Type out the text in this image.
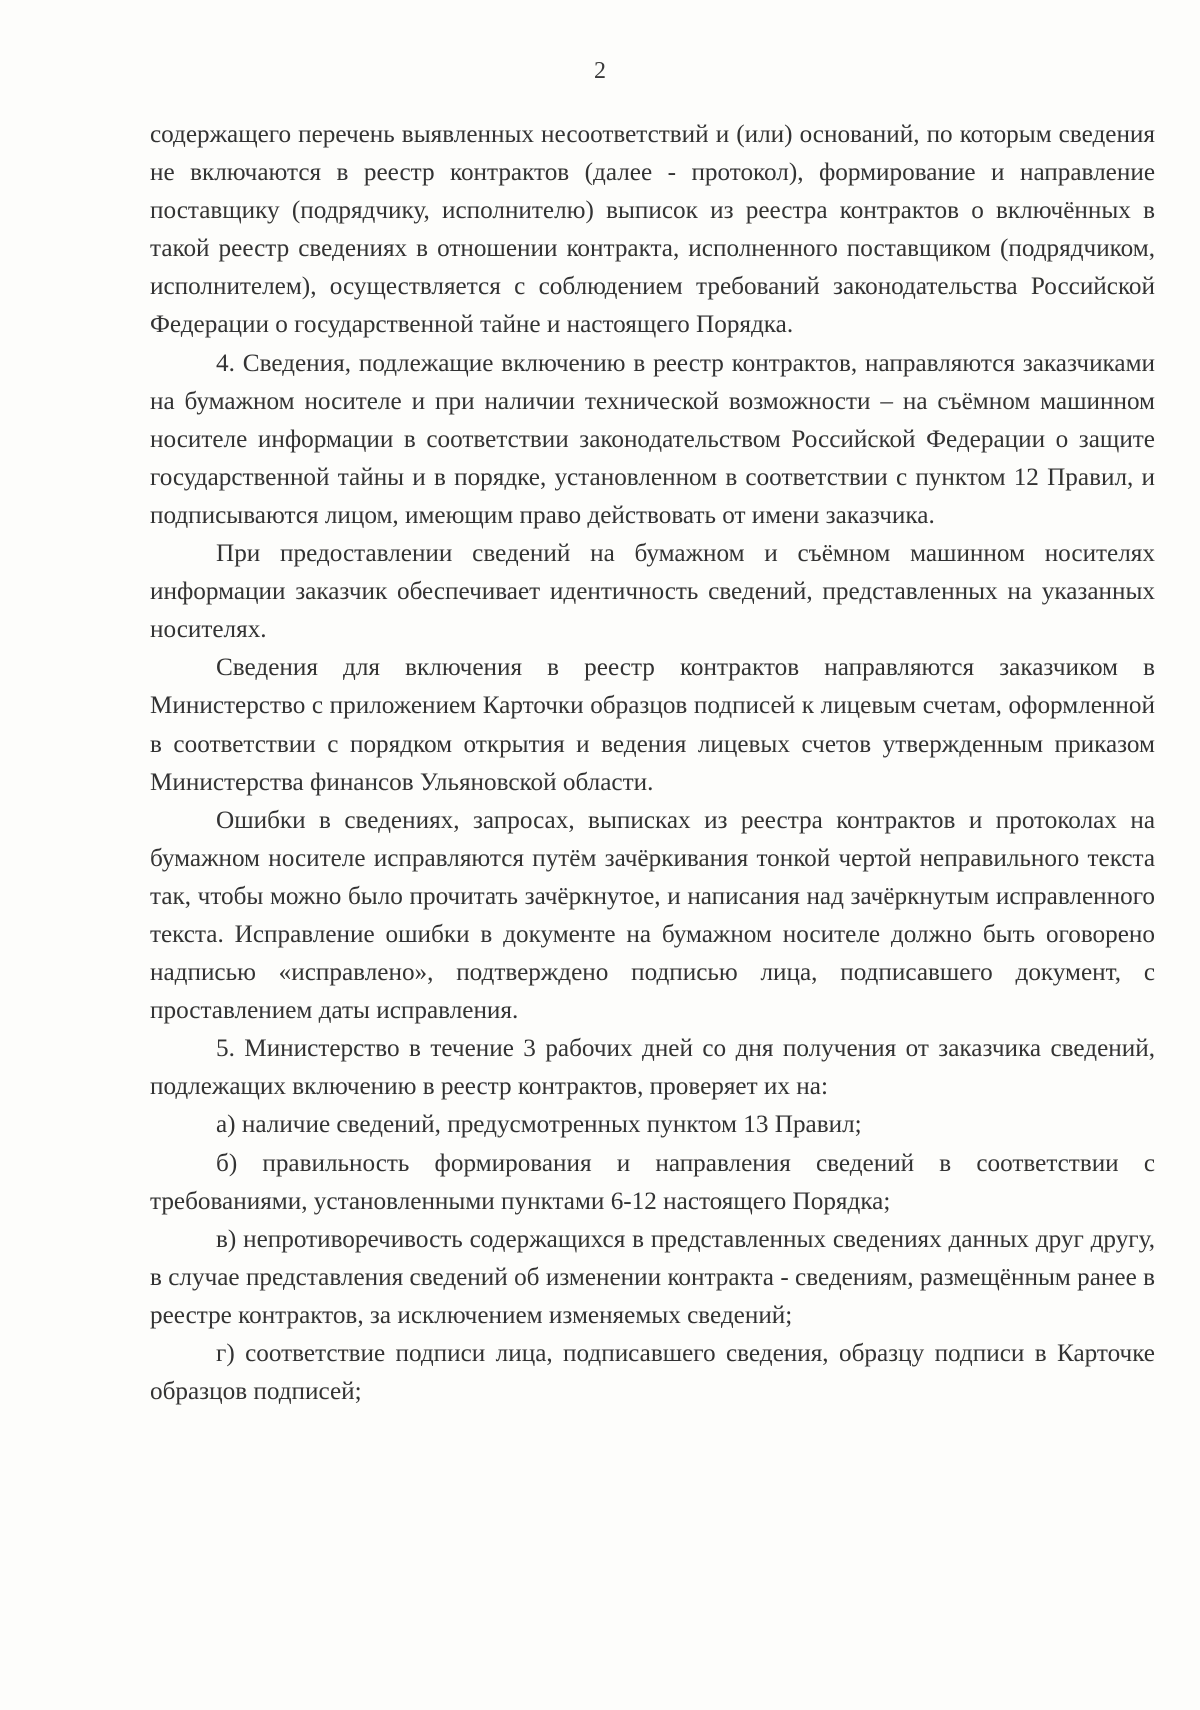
2

содержащего перечень выявленных несоответствий и (или) оснований, по которым сведения не включаются в реестр контрактов (далее - протокол), формирование и направление поставщику (подрядчику, исполнителю) выписок из реестра контрактов о включённых в такой реестр сведениях в отношении контракта, исполненного поставщиком (подрядчиком, исполнителем), осуществляется с соблюдением требований законодательства Российской Федерации о государственной тайне и настоящего Порядка.

4. Сведения, подлежащие включению в реестр контрактов, направляются заказчиками на бумажном носителе и при наличии технической возможности – на съёмном машинном носителе информации в соответствии законодательством Российской Федерации о защите государственной тайны и в порядке, установленном в соответствии с пунктом 12 Правил, и подписываются лицом, имеющим право действовать от имени заказчика.

При предоставлении сведений на бумажном и съёмном машинном носителях информации заказчик обеспечивает идентичность сведений, представленных на указанных носителях.

Сведения для включения в реестр контрактов направляются заказчиком в Министерство с приложением Карточки образцов подписей к лицевым счетам, оформленной в соответствии с порядком открытия и ведения лицевых счетов утвержденным приказом Министерства финансов Ульяновской области.

Ошибки в сведениях, запросах, выписках из реестра контрактов и протоколах на бумажном носителе исправляются путём зачёркивания тонкой чертой неправильного текста так, чтобы можно было прочитать зачёркнутое, и написания над зачёркнутым исправленного текста. Исправление ошибки в документе на бумажном носителе должно быть оговорено надписью «исправлено», подтверждено подписью лица, подписавшего документ, с проставлением даты исправления.

5. Министерство в течение 3 рабочих дней со дня получения от заказчика сведений, подлежащих включению в реестр контрактов, проверяет их на:

а) наличие сведений, предусмотренных пунктом 13 Правил;

б) правильность формирования и направления сведений в соответствии с требованиями, установленными пунктами 6-12 настоящего Порядка;

в) непротиворечивость содержащихся в представленных сведениях данных друг другу, в случае представления сведений об изменении контракта - сведениям, размещённым ранее в реестре контрактов, за исключением изменяемых сведений;

г) соответствие подписи лица, подписавшего сведения, образцу подписи в Карточке образцов подписей;
